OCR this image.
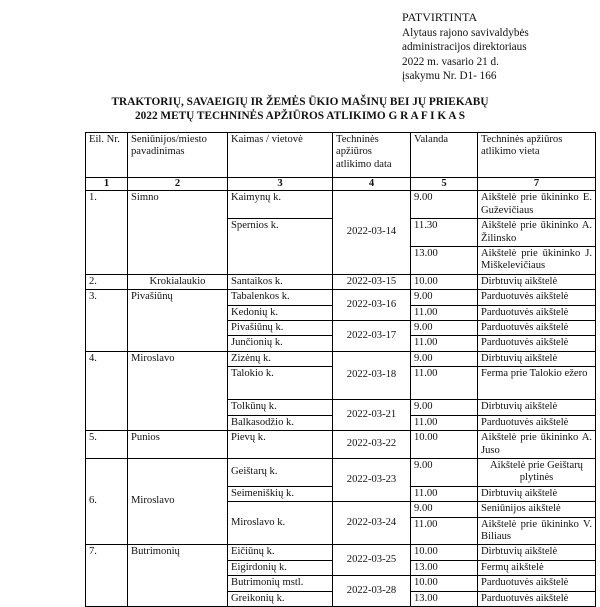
PATVIRTINTA
Alytaus rajono savivaldybės
administracijos direktoriaus
2022 m. vasario 21 d.
įsakymu Nr. D1- 166
TRAKTORIŲ, SAVAEIGIŲ IR ŽEMĖS ŪKIO MAŠINŲ BEI JŲ PRIEKABŲ
2022 METŲ TECHNINĖS APŽIŪROS ATLIKIMO G R A F I K A S
Eil. Nr.	Seniūnijos/miesto pavadinimas	Kaimas / vietovė	Techninės apžiūros atlikimo data	Valanda	Techninės apžiūros atlikimo vieta
1	2	3	4	5	7
1.	Simno	Kaimynų k.	2022-03-14	9.00	Aikštelė prie ūkininko E. Guževičiaus
		Spernios k.		11.30	Aikštelė prie ūkininko A. Žilinsko
				13.00	Aikštelė prie ūkininko J. Miškelevičiaus
2.	Krokialaukio	Santaikos k.	2022-03-15	10.00	Dirbtuvių aikštelė
3.	Pivašiūnų	Tabalenkos k.	2022-03-16	9.00	Parduotuvės aikštelė
		Kedonių k.		11.00	Parduotuvės aikštelė
		Pivašiūnų k.	2022-03-17	9.00	Parduotuvės aikštelė
		Junčionių k.		11.00	Parduotuvės aikštelė
4.	Miroslavo	Zizėnų k.	2022-03-18	9.00	Dirbtuvių aikštelė
		Talokio k.		11.00	Ferma prie Talokio ežero
		Tolkūnų k.	2022-03-21	9.00	Dirbtuvių aikštelė
		Balkasodžio k.		11.00	Parduotuvės aikštelė
5.	Punios	Pievų k.	2022-03-22	10.00	Aikštelė prie ūkininko A. Juso
6.	Miroslavo	Geištarų k.	2022-03-23	9.00	Aikštelė prie Geištarų plytinės
		Seimeniškių k.		11.00	Dirbtuvių aikštelė
		Miroslavo k.	2022-03-24	9.00	Seniūnijos aikštelė
				11.00	Aikštelė prie ūkininko V. Biliaus
7.	Butrimonių	Eičiūnų k.	2022-03-25	10.00	Dirbtuvių aikštelė
		Eigirdonių k.		13.00	Fermų aikštelė
		Butrimonių mstl.	2022-03-28	10.00	Parduotuvės aikštelė
		Greikonių k.		13.00	Parduotuvės aikštelė
